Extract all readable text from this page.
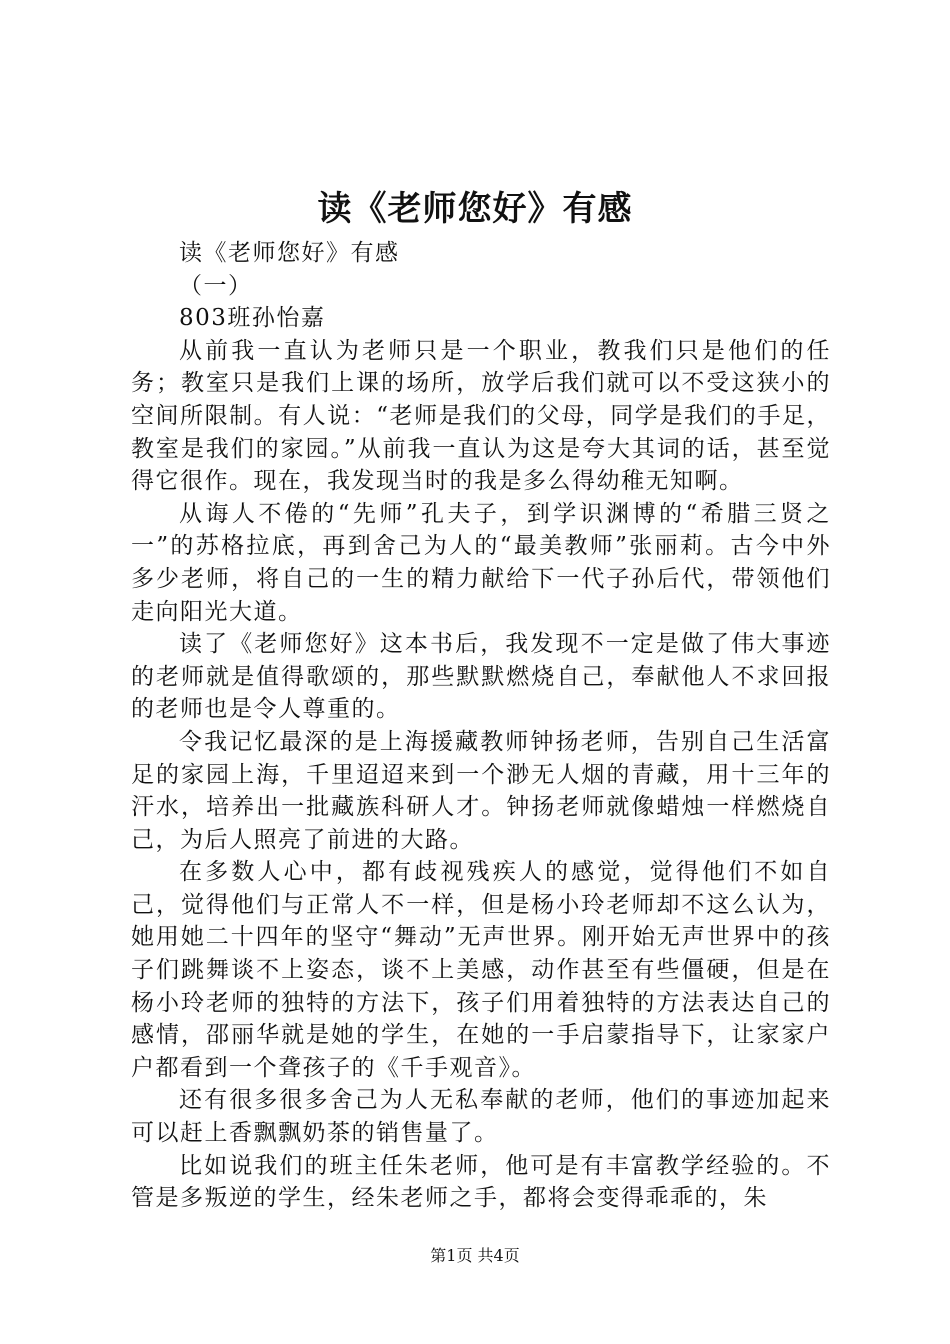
读《老师您好》有感

读《老师您好》有感

（一）

803班孙怡嘉

从前我一直认为老师只是一个职业，教我们只是他们的任务；教室只是我们上课的场所，放学后我们就可以不受这狭小的空间所限制。有人说：“老师是我们的父母，同学是我们的手足，教室是我们的家园。”从前我一直认为这是夸大其词的话，甚至觉得它很作。现在，我发现当时的我是多么得幼稚无知啊。

从诲人不倦的“先师”孔夫子，到学识渊博的“希腊三贤之一”的苏格拉底，再到舍己为人的“最美教师”张丽莉。古今中外多少老师，将自己的一生的精力献给下一代子孙后代，带领他们走向阳光大道。

读了《老师您好》这本书后，我发现不一定是做了伟大事迹的老师就是值得歌颂的，那些默默燃烧自己，奉献他人不求回报的老师也是令人尊重的。

令我记忆最深的是上海援藏教师钟扬老师，告别自己生活富足的家园上海，千里迢迢来到一个渺无人烟的青藏，用十三年的汗水，培养出一批藏族科研人才。钟扬老师就像蜡烛一样燃烧自己，为后人照亮了前进的大路。

在多数人心中，都有歧视残疾人的感觉，觉得他们不如自己，觉得他们与正常人不一样，但是杨小玲老师却不这么认为，她用她二十四年的坚守“舞动”无声世界。刚开始无声世界中的孩子们跳舞谈不上姿态，谈不上美感，动作甚至有些僵硬，但是在杨小玲老师的独特的方法下，孩子们用着独特的方法表达自己的感情，邵丽华就是她的学生，在她的一手启蒙指导下，让家家户户都看到一个聋孩子的《千手观音》。

还有很多很多舍己为人无私奉献的老师，他们的事迹加起来可以赶上香飘飘奶茶的销售量了。

比如说我们的班主任朱老师，他可是有丰富教学经验的。不管是多叛逆的学生，经朱老师之手，都将会变得乖乖的，朱

第1页 共4页
